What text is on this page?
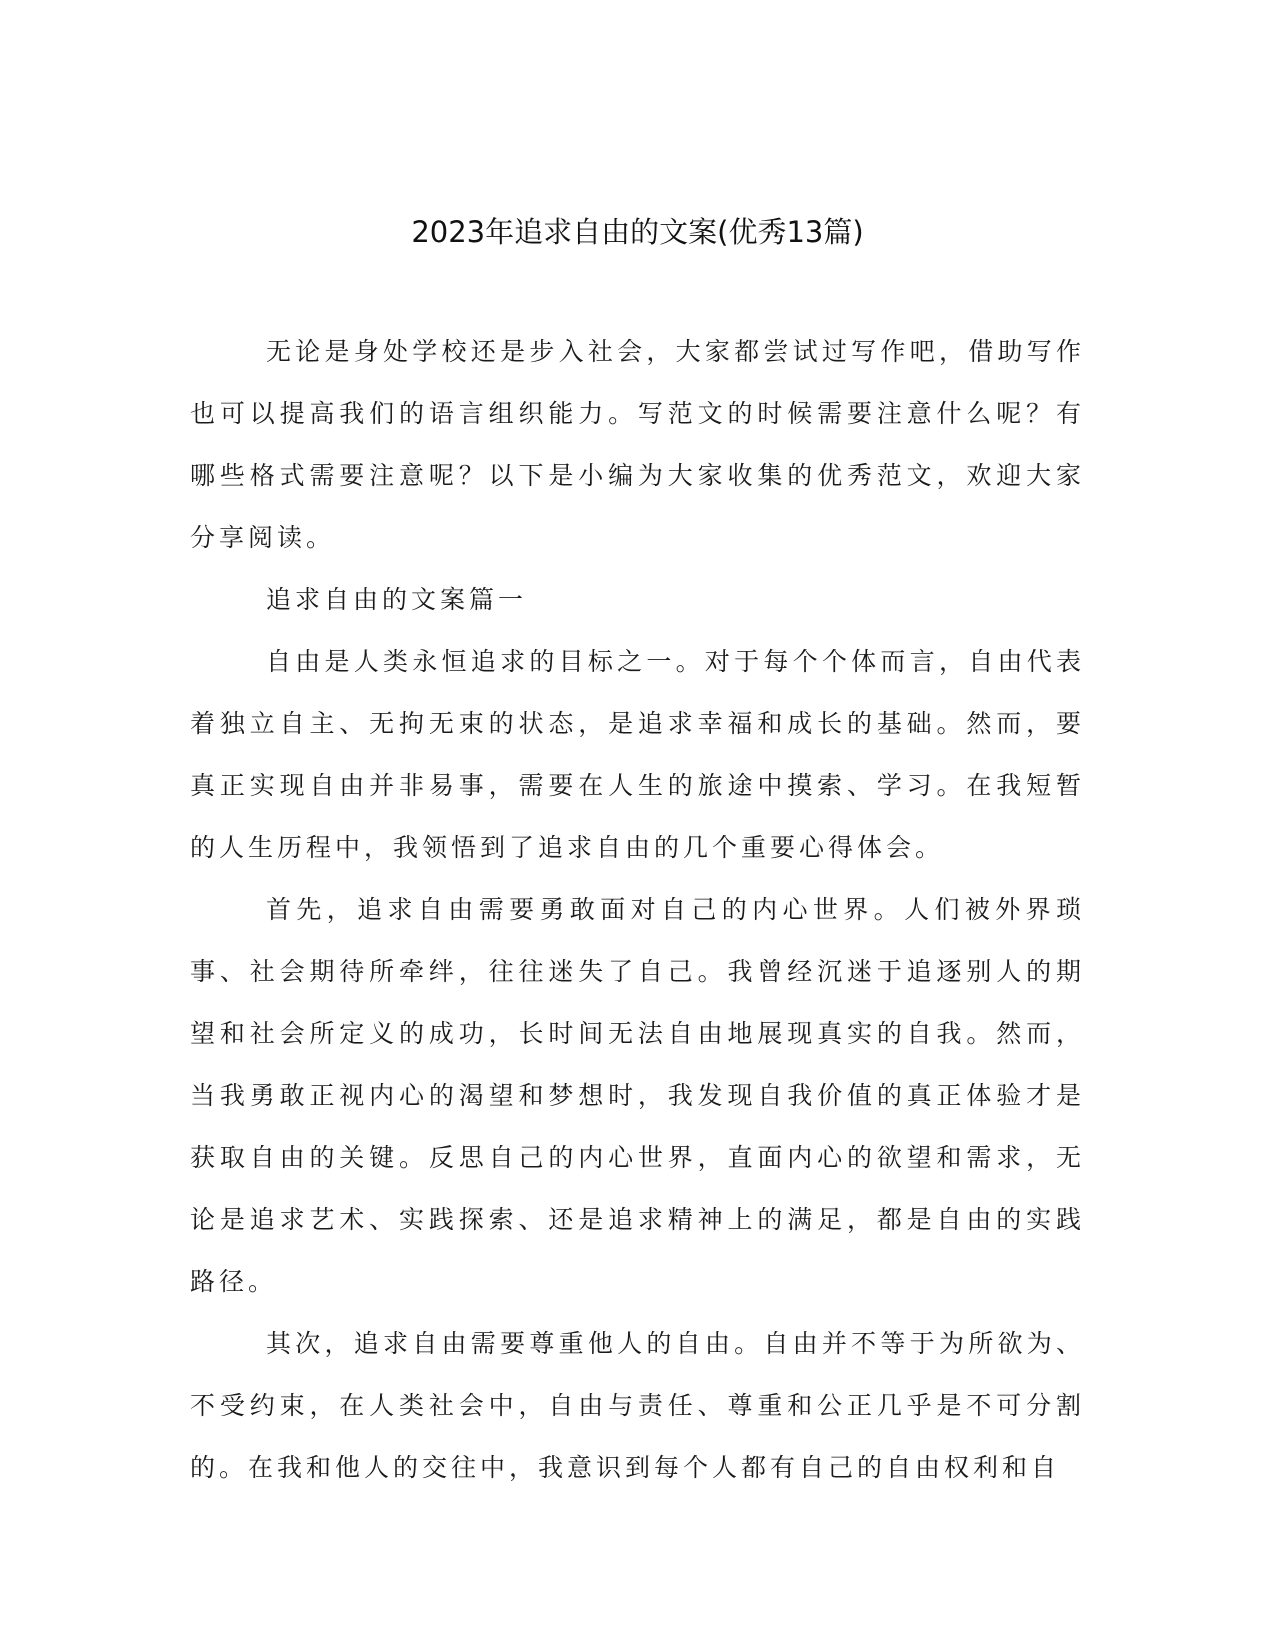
2023年追求自由的文案(优秀13篇)

无论是身处学校还是步入社会，大家都尝试过写作吧，借助写作也可以提高我们的语言组织能力。写范文的时候需要注意什么呢？有哪些格式需要注意呢？以下是小编为大家收集的优秀范文，欢迎大家分享阅读。

追求自由的文案篇一

自由是人类永恒追求的目标之一。对于每个个体而言，自由代表着独立自主、无拘无束的状态，是追求幸福和成长的基础。然而，要真正实现自由并非易事，需要在人生的旅途中摸索、学习。在我短暂的人生历程中，我领悟到了追求自由的几个重要心得体会。

首先，追求自由需要勇敢面对自己的内心世界。人们被外界琐事、社会期待所牵绊，往往迷失了自己。我曾经沉迷于追逐别人的期望和社会所定义的成功，长时间无法自由地展现真实的自我。然而，当我勇敢正视内心的渴望和梦想时，我发现自我价值的真正体验才是获取自由的关键。反思自己的内心世界，直面内心的欲望和需求，无论是追求艺术、实践探索、还是追求精神上的满足，都是自由的实践路径。

其次，追求自由需要尊重他人的自由。自由并不等于为所欲为、不受约束，在人类社会中，自由与责任、尊重和公正几乎是不可分割的。在我和他人的交往中，我意识到每个人都有自己的自由权利和自
